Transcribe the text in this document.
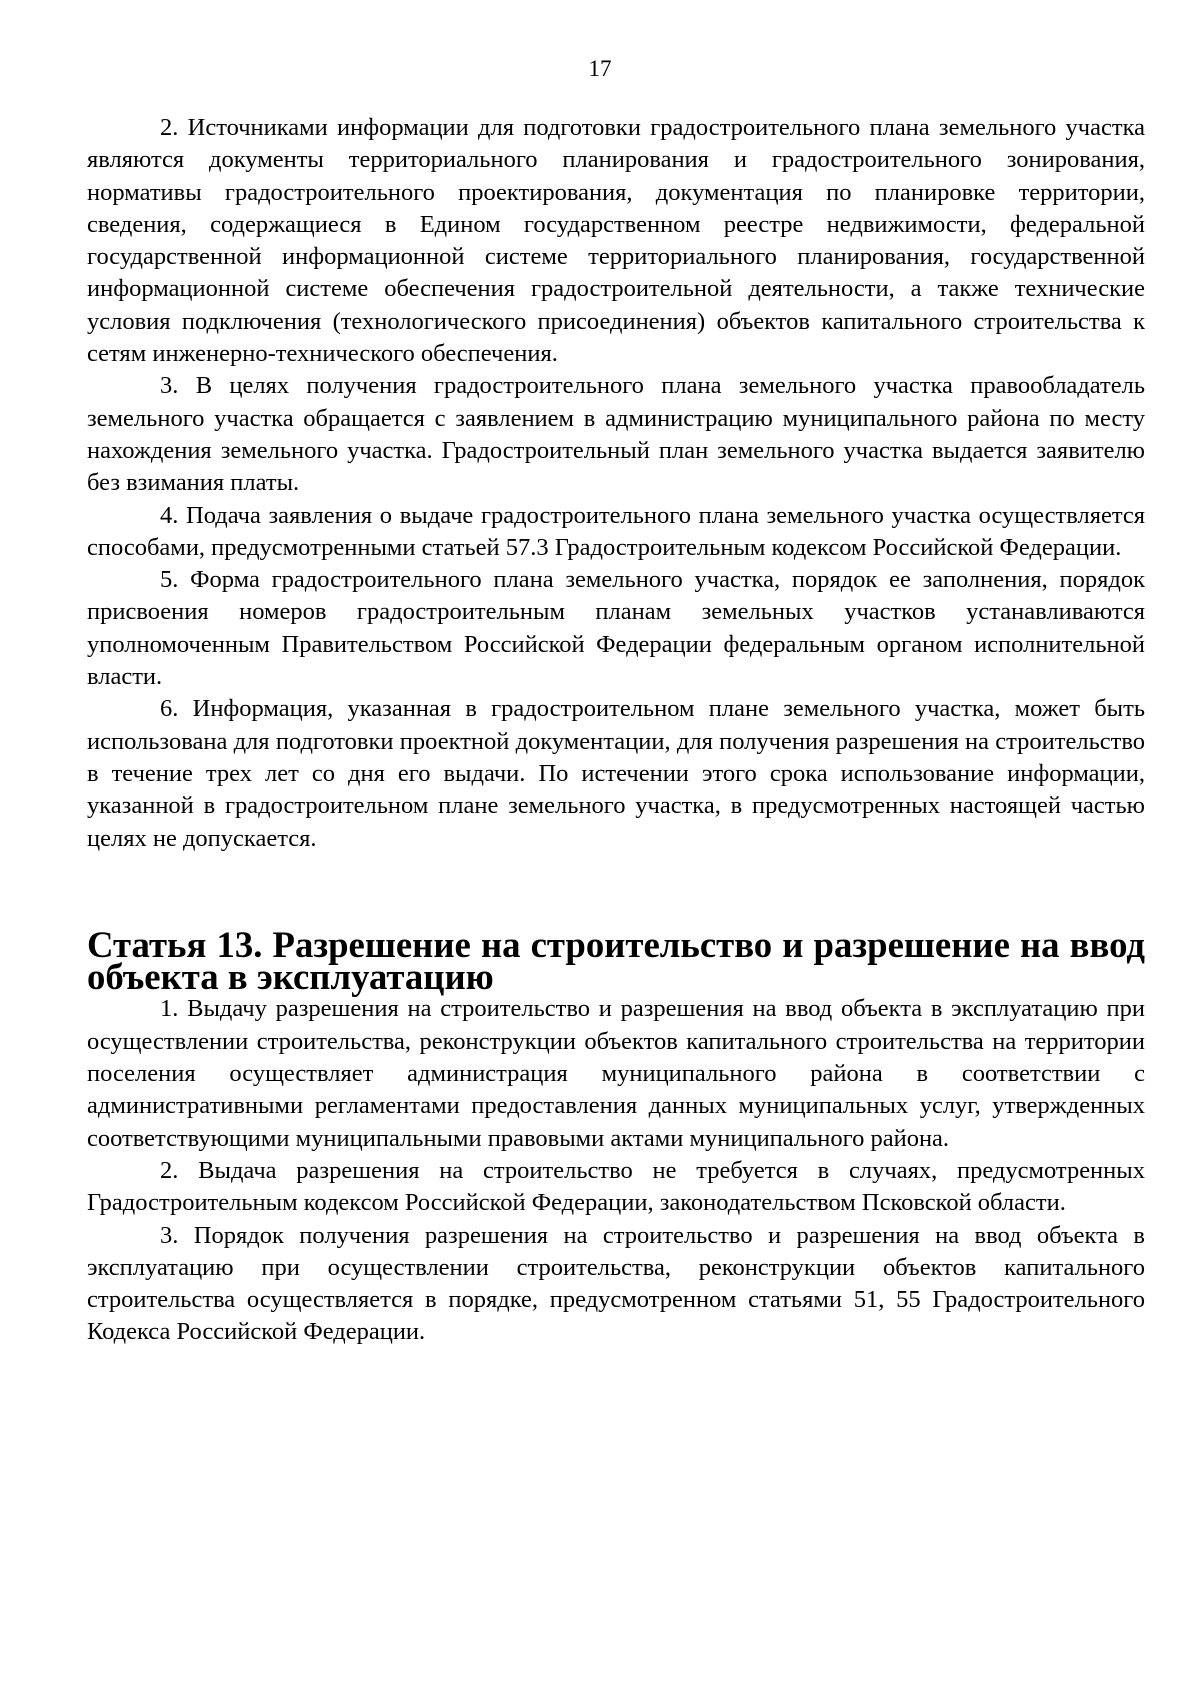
17

2. Источниками информации для подготовки градостроительного плана земельного участка являются документы территориального планирования и градостроительного зонирования, нормативы градостроительного проектирования, документация по планировке территории, сведения, содержащиеся в Едином государственном реестре недвижимости, федеральной государственной информационной системе территориального планирования, государственной информационной системе обеспечения градостроительной деятельности, а также технические условия подключения (технологического присоединения) объектов капитального строительства к сетям инженерно-технического обеспечения.

3. В целях получения градостроительного плана земельного участка правообладатель земельного участка обращается с заявлением в администрацию муниципального района по месту нахождения земельного участка. Градостроительный план земельного участка выдается заявителю без взимания платы.

4. Подача заявления о выдаче градостроительного плана земельного участка осуществляется способами, предусмотренными статьей 57.3 Градостроительным кодексом Российской Федерации.

5. Форма градостроительного плана земельного участка, порядок ее заполнения, порядок присвоения номеров градостроительным планам земельных участков устанавливаются уполномоченным Правительством Российской Федерации федеральным органом исполнительной власти.

6. Информация, указанная в градостроительном плане земельного участка, может быть использована для подготовки проектной документации, для получения разрешения на строительство в течение трех лет со дня его выдачи. По истечении этого срока использование информации, указанной в градостроительном плане земельного участка, в предусмотренных настоящей частью целях не допускается.

Статья 13. Разрешение на строительство и разрешение на ввод объекта в эксплуатацию

1. Выдачу разрешения на строительство и разрешения на ввод объекта в эксплуатацию при осуществлении строительства, реконструкции объектов капитального строительства на территории поселения осуществляет администрация муниципального района в соответствии с административными регламентами предоставления данных муниципальных услуг, утвержденных соответствующими муниципальными правовыми актами муниципального района.

2. Выдача разрешения на строительство не требуется в случаях, предусмотренных Градостроительным кодексом Российской Федерации, законодательством Псковской области.

3. Порядок получения разрешения на строительство и разрешения на ввод объекта в эксплуатацию при осуществлении строительства, реконструкции объектов капитального строительства осуществляется в порядке, предусмотренном статьями 51, 55 Градостроительного Кодекса Российской Федерации.
